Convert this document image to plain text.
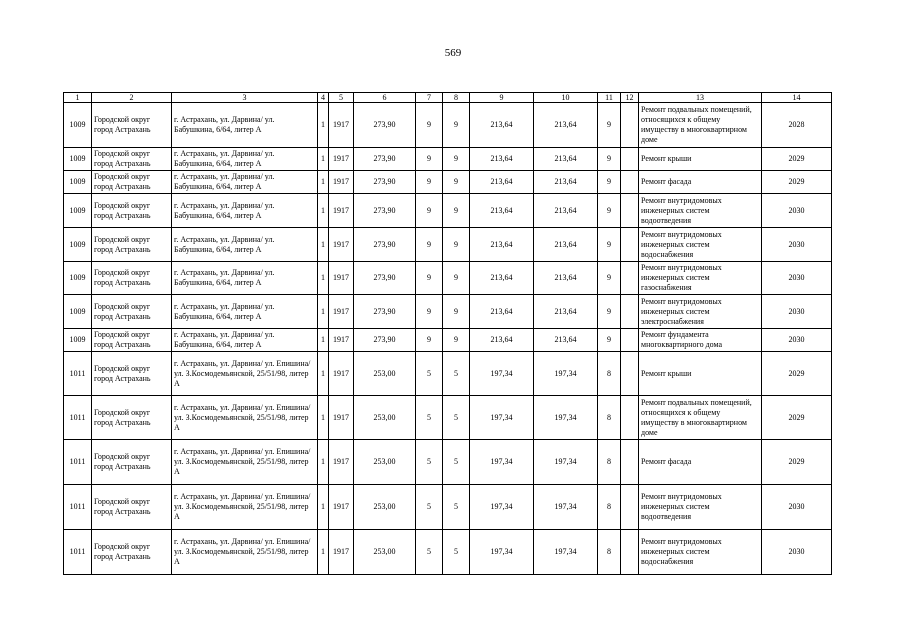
569
1	2	3	4	5	6	7	8	9	10	11	12	13	14
1009	Городской округ город Астрахань	г. Астрахань, ул. Дарвина/ ул. Бабушкина, 6/64, литер А	1	1917	273,90	9	9	213,64	213,64	9		Ремонт подвальных помещений, относящихся к общему имуществу в многоквартирном доме	2028
1009	Городской округ город Астрахань	г. Астрахань, ул. Дарвина/ ул. Бабушкина, 6/64, литер А	1	1917	273,90	9	9	213,64	213,64	9		Ремонт крыши	2029
1009	Городской округ город Астрахань	г. Астрахань, ул. Дарвина/ ул. Бабушкина, 6/64, литер А	1	1917	273,90	9	9	213,64	213,64	9		Ремонт фасада	2029
1009	Городской округ город Астрахань	г. Астрахань, ул. Дарвина/ ул. Бабушкина, 6/64, литер А	1	1917	273,90	9	9	213,64	213,64	9		Ремонт внутридомовых инженерных систем водоотведения	2030
1009	Городской округ город Астрахань	г. Астрахань, ул. Дарвина/ ул. Бабушкина, 6/64, литер А	1	1917	273,90	9	9	213,64	213,64	9		Ремонт внутридомовых инженерных систем водоснабжения	2030
1009	Городской округ город Астрахань	г. Астрахань, ул. Дарвина/ ул. Бабушкина, 6/64, литер А	1	1917	273,90	9	9	213,64	213,64	9		Ремонт внутридомовых инженерных систем газоснабжения	2030
1009	Городской округ город Астрахань	г. Астрахань, ул. Дарвина/ ул. Бабушкина, 6/64, литер А	1	1917	273,90	9	9	213,64	213,64	9		Ремонт внутридомовых инженерных систем электроснабжения	2030
1009	Городской округ город Астрахань	г. Астрахань, ул. Дарвина/ ул. Бабушкина, 6/64, литер А	1	1917	273,90	9	9	213,64	213,64	9		Ремонт фундамента многоквартирного дома	2030
1011	Городской округ город Астрахань	г. Астрахань, ул. Дарвина/ ул. Епишина/ ул. З.Космодемьянской, 25/51/98, литер А	1	1917	253,00	5	5	197,34	197,34	8		Ремонт крыши	2029
1011	Городской округ город Астрахань	г. Астрахань, ул. Дарвина/ ул. Епишина/ ул. З.Космодемьянской, 25/51/98, литер А	1	1917	253,00	5	5	197,34	197,34	8		Ремонт подвальных помещений, относящихся к общему имуществу в многоквартирном доме	2029
1011	Городской округ город Астрахань	г. Астрахань, ул. Дарвина/ ул. Епишина/ ул. З.Космодемьянской, 25/51/98, литер А	1	1917	253,00	5	5	197,34	197,34	8		Ремонт фасада	2029
1011	Городской округ город Астрахань	г. Астрахань, ул. Дарвина/ ул. Епишина/ ул. З.Космодемьянской, 25/51/98, литер А	1	1917	253,00	5	5	197,34	197,34	8		Ремонт внутридомовых инженерных систем водоотведения	2030
1011	Городской округ город Астрахань	г. Астрахань, ул. Дарвина/ ул. Епишина/ ул. З.Космодемьянской, 25/51/98, литер А	1	1917	253,00	5	5	197,34	197,34	8		Ремонт внутридомовых инженерных систем водоснабжения	2030
